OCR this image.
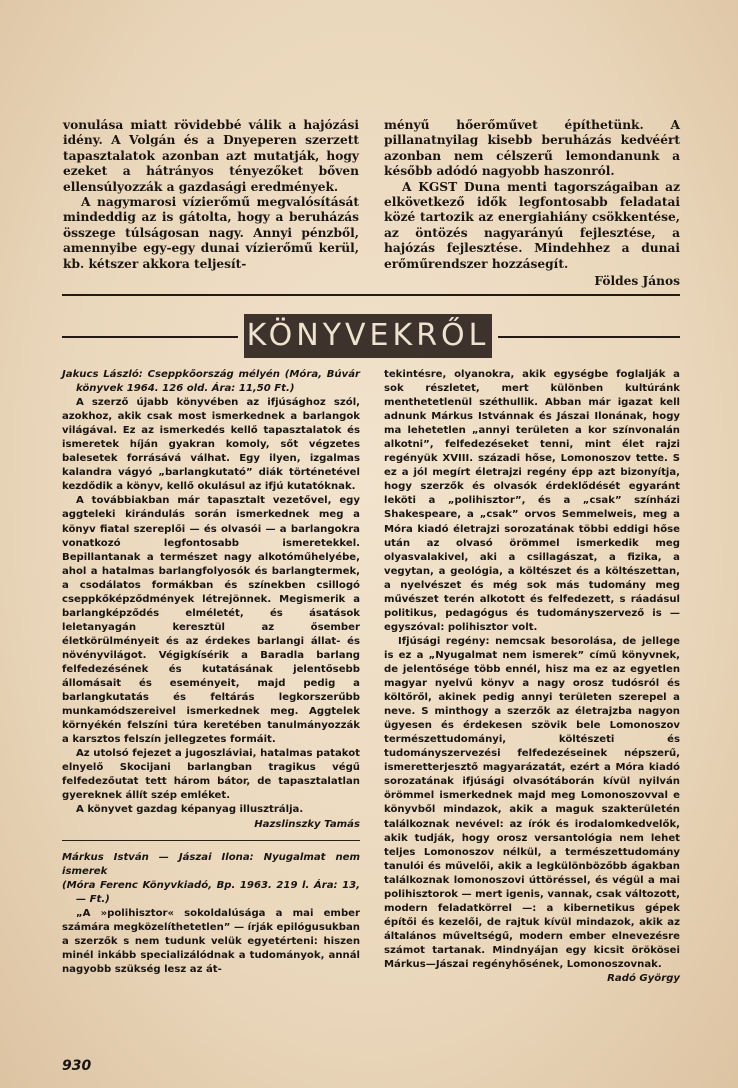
vonulása miatt rövidebbé válik a hajózási idény. A Volgán és a Dnyeperen szerzett tapasztalatok azonban azt mutatják, hogy ezeket a hátrányos tényezőket bőven ellensúlyozzák a gazdasági eredmények.

A nagymarosi vízierőmű megvalósítását mindeddig az is gátolta, hogy a beruházás összege túlságosan nagy. Annyi pénzből, amennyibe egy-egy dunai vízierőmű kerül, kb. kétszer akkora teljesít-

ményű hőerőművet építhetünk. A pillanatnyilag kisebb beruházás kedvéért azonban nem célszerű lemondanunk a később adódó nagyobb haszonról.

A KGST Duna menti tagországaiban az elkövetkező idők legfontosabb feladatai közé tartozik az energiahiány csökkentése, az öntözés nagyarányú fejlesztése, a hajózás fejlesztése. Mindehhez a dunai erőműrendszer hozzásegít.

Földes János
KÖNYVEKRŐL

Jakucs László: Cseppkőország mélyén (Móra, Búvár könyvek 1964. 126 old. Ára: 11,50 Ft.)

A szerző újabb könyvében az ifjúsághoz szól, azokhoz, akik csak most ismerkednek a barlangok világával. Ez az ismerkedés kellő tapasztalatok és ismeretek híján gyakran komoly, sőt végzetes balesetek forrásává válhat. Egy ilyen, izgalmas kalandra vágyó „barlangkutató” diák történetével kezdődik a könyv, kellő okulásul az ifjú kutatóknak.

A továbbiakban már tapasztalt vezetővel, egy aggteleki kirándulás során ismerkednek meg a könyv fiatal szereplői — és olvasói — a barlangokra vonatkozó legfontosabb ismeretekkel. Bepillantanak a természet nagy alkotóműhelyébe, ahol a hatalmas barlangfolyosók és barlangtermek, a csodálatos formákban és színekben csillogó cseppkőképződmények létrejönnek. Megismerik a barlangképződés elméletét, és ásatások leletanyagán keresztül az ősember életkörülményeit és az érdekes barlangi állat- és növényvilágot. Végigkísérik a Baradla barlang felfedezésének és kutatásának jelentősebb állomásait és eseményeit, majd pedig a barlangkutatás és feltárás legkorszerűbb munkamódszereivel ismerkednek meg. Aggtelek környékén felszíni túra keretében tanulmányozzák a karsztos felszín jellegzetes formáit.

Az utolsó fejezet a jugoszláviai, hatalmas patakot elnyelő Skocijani barlangban tragikus végű felfedezőutat tett három bátor, de tapasztalatlan gyereknek állít szép emléket.

A könyvet gazdag képanyag illusztrálja.

Hazslinszky Tamás

Márkus István — Jászai Ilona: Nyugalmat nem ismerek

(Móra Ferenc Könyvkiadó, Bp. 1963. 219 l. Ára: 13,— Ft.)

„A »polihisztor« sokoldalúsága a mai ember számára megközelíthetetlen” — írják epilógusukban a szerzők s nem tudunk velük egyetérteni: hiszen minél inkább specializálódnak a tudományok, annál nagyobb szükség lesz az át-

tekintésre, olyanokra, akik egységbe foglalják a sok részletet, mert különben kultúránk menthetetlenül széthullik. Abban már igazat kell adnunk Márkus Istvánnak és Jászai Ilonának, hogy ma lehetetlen „annyi területen a kor színvonalán alkotni”, felfedezéseket tenni, mint élet rajzi regényük XVIII. századi hőse, Lomonoszov tette. S ez a jól megírt életrajzi regény épp azt bizonyítja, hogy szerzők és olvasók érdeklődését egyaránt leköti a „polihisztor”, és a „csak” színházi Shakespeare, a „csak” orvos Semmelweis, meg a Móra kiadó életrajzi sorozatának többi eddigi hőse után az olvasó örömmel ismerkedik meg olyasvalakivel, aki a csillagászat, a fizika, a vegytan, a geológia, a költészet és a költészettan, a nyelvészet és még sok más tudomány meg művészet terén alkotott és felfedezett, s ráadásul politikus, pedagógus és tudományszervező is — egyszóval: polihisztor volt.

Ifjúsági regény: nemcsak besorolása, de jellege is ez a „Nyugalmat nem ismerek” című könyvnek, de jelentősége több ennél, hisz ma ez az egyetlen magyar nyelvű könyv a nagy orosz tudósról és költőről, akinek pedig annyi területen szerepel a neve. S minthogy a szerzők az életrajzba nagyon ügyesen és érdekesen szövik bele Lomonoszov természettudományi, költészeti és tudományszervezési felfedezéseinek népszerű, ismeretterjesztő magyarázatát, ezért a Móra kiadó sorozatának ifjúsági olvasótáborán kívül nyilván örömmel ismerkednek majd meg Lomonoszovval e könyvből mindazok, akik a maguk szakterületén találkoznak nevével: az írók és irodalomkedvelők, akik tudják, hogy orosz versantológia nem lehet teljes Lomonoszov nélkül, a természettudomány tanulói és művelői, akik a legkülönbözőbb ágakban találkoznak lomonoszovi úttöréssel, és végül a mai polihisztorok — mert igenis, vannak, csak változott, modern feladatkörrel —: a kibernetikus gépek építői és kezelői, de rajtuk kívül mindazok, akik az általános műveltségű, modern ember elnevezésre számot tartanak. Mindnyájan egy kicsit örökösei Márkus—Jászai regényhősének, Lomonoszovnak.

Radó György
930
